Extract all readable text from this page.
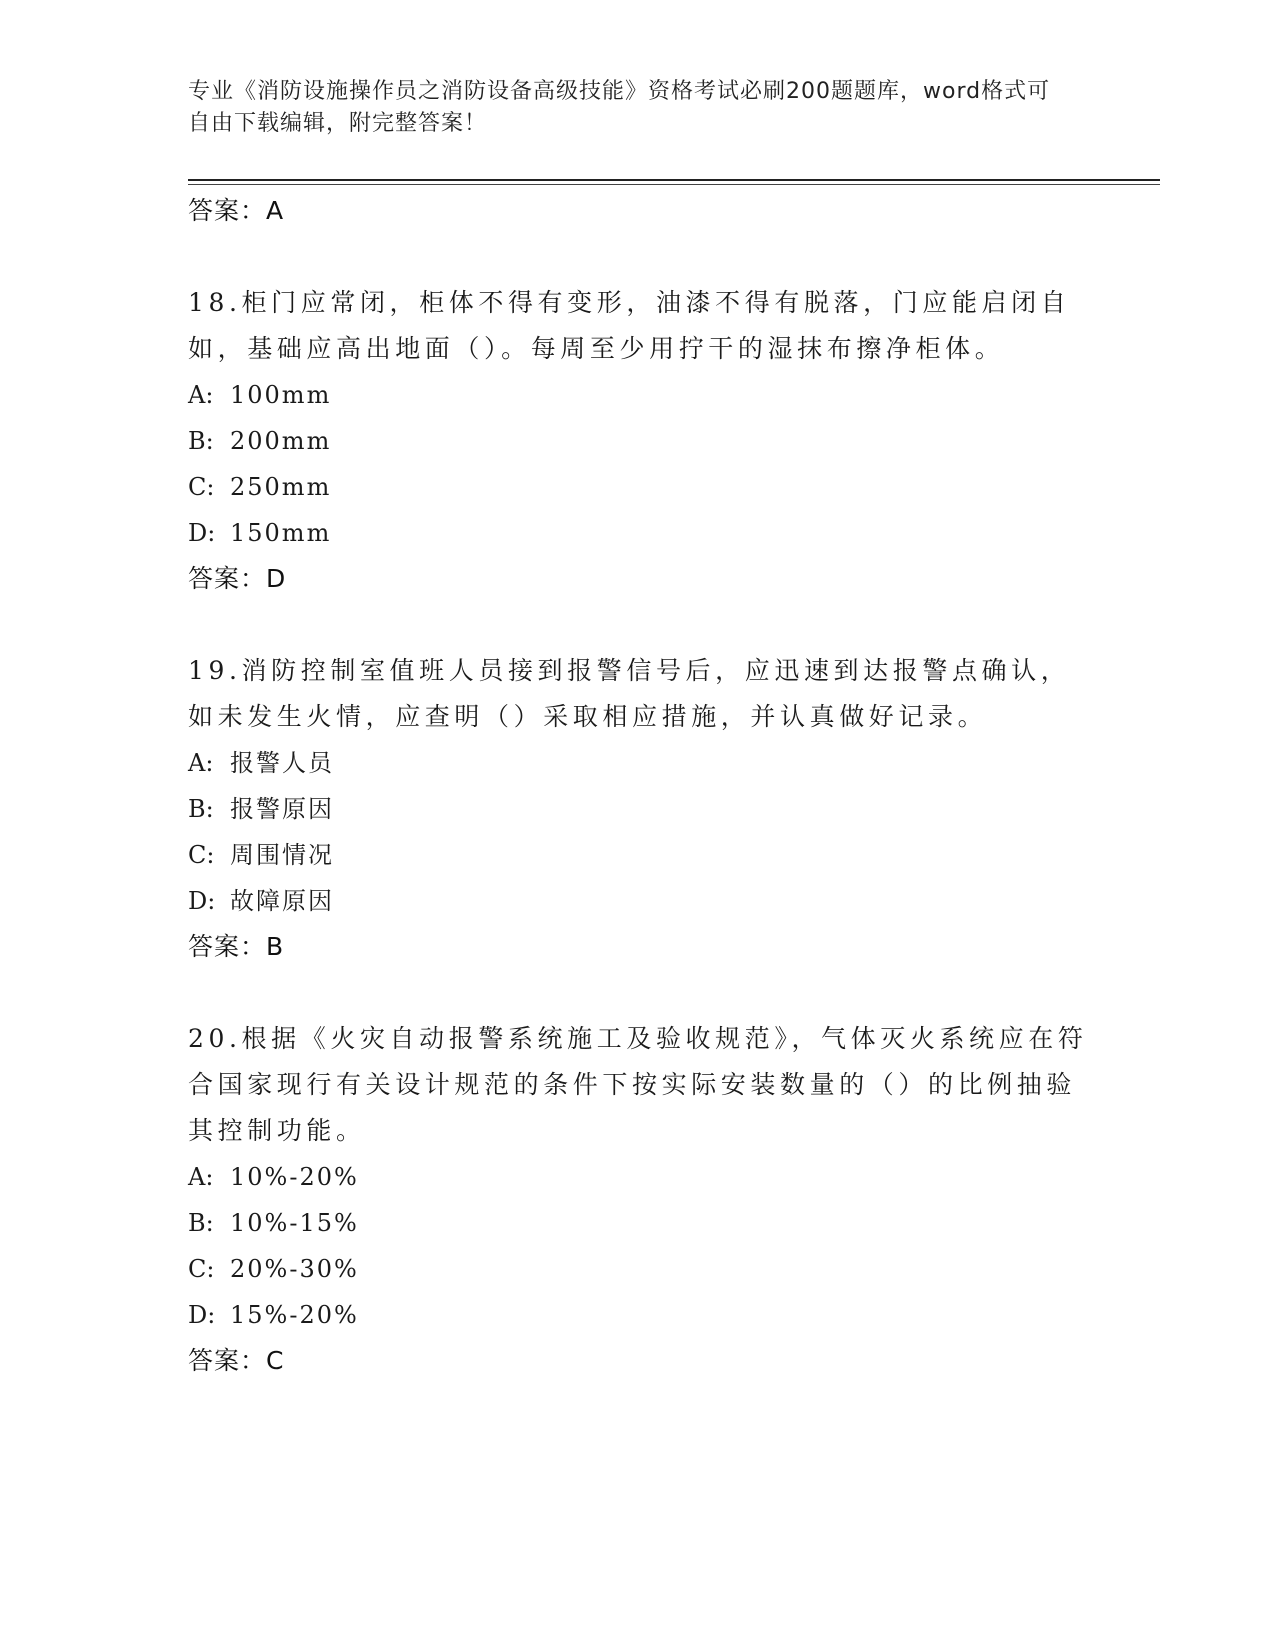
专业《消防设施操作员之消防设备高级技能》资格考试必刷200题题库，word格式可自由下载编辑，附完整答案！
答案：A
18.柜门应常闭，柜体不得有变形，油漆不得有脱落，门应能启闭自如，基础应高出地面（）。每周至少用拧干的湿抹布擦净柜体。
A: 100mm
B: 200mm
C: 250mm
D: 150mm
答案：D
19.消防控制室值班人员接到报警信号后，应迅速到达报警点确认，如未发生火情，应查明（）采取相应措施，并认真做好记录。
A: 报警人员
B: 报警原因
C: 周围情况
D: 故障原因
答案：B
20.根据《火灾自动报警系统施工及验收规范》，气体灭火系统应在符合国家现行有关设计规范的条件下按实际安装数量的（）的比例抽验其控制功能。
A: 10%-20%
B: 10%-15%
C: 20%-30%
D: 15%-20%
答案：C
